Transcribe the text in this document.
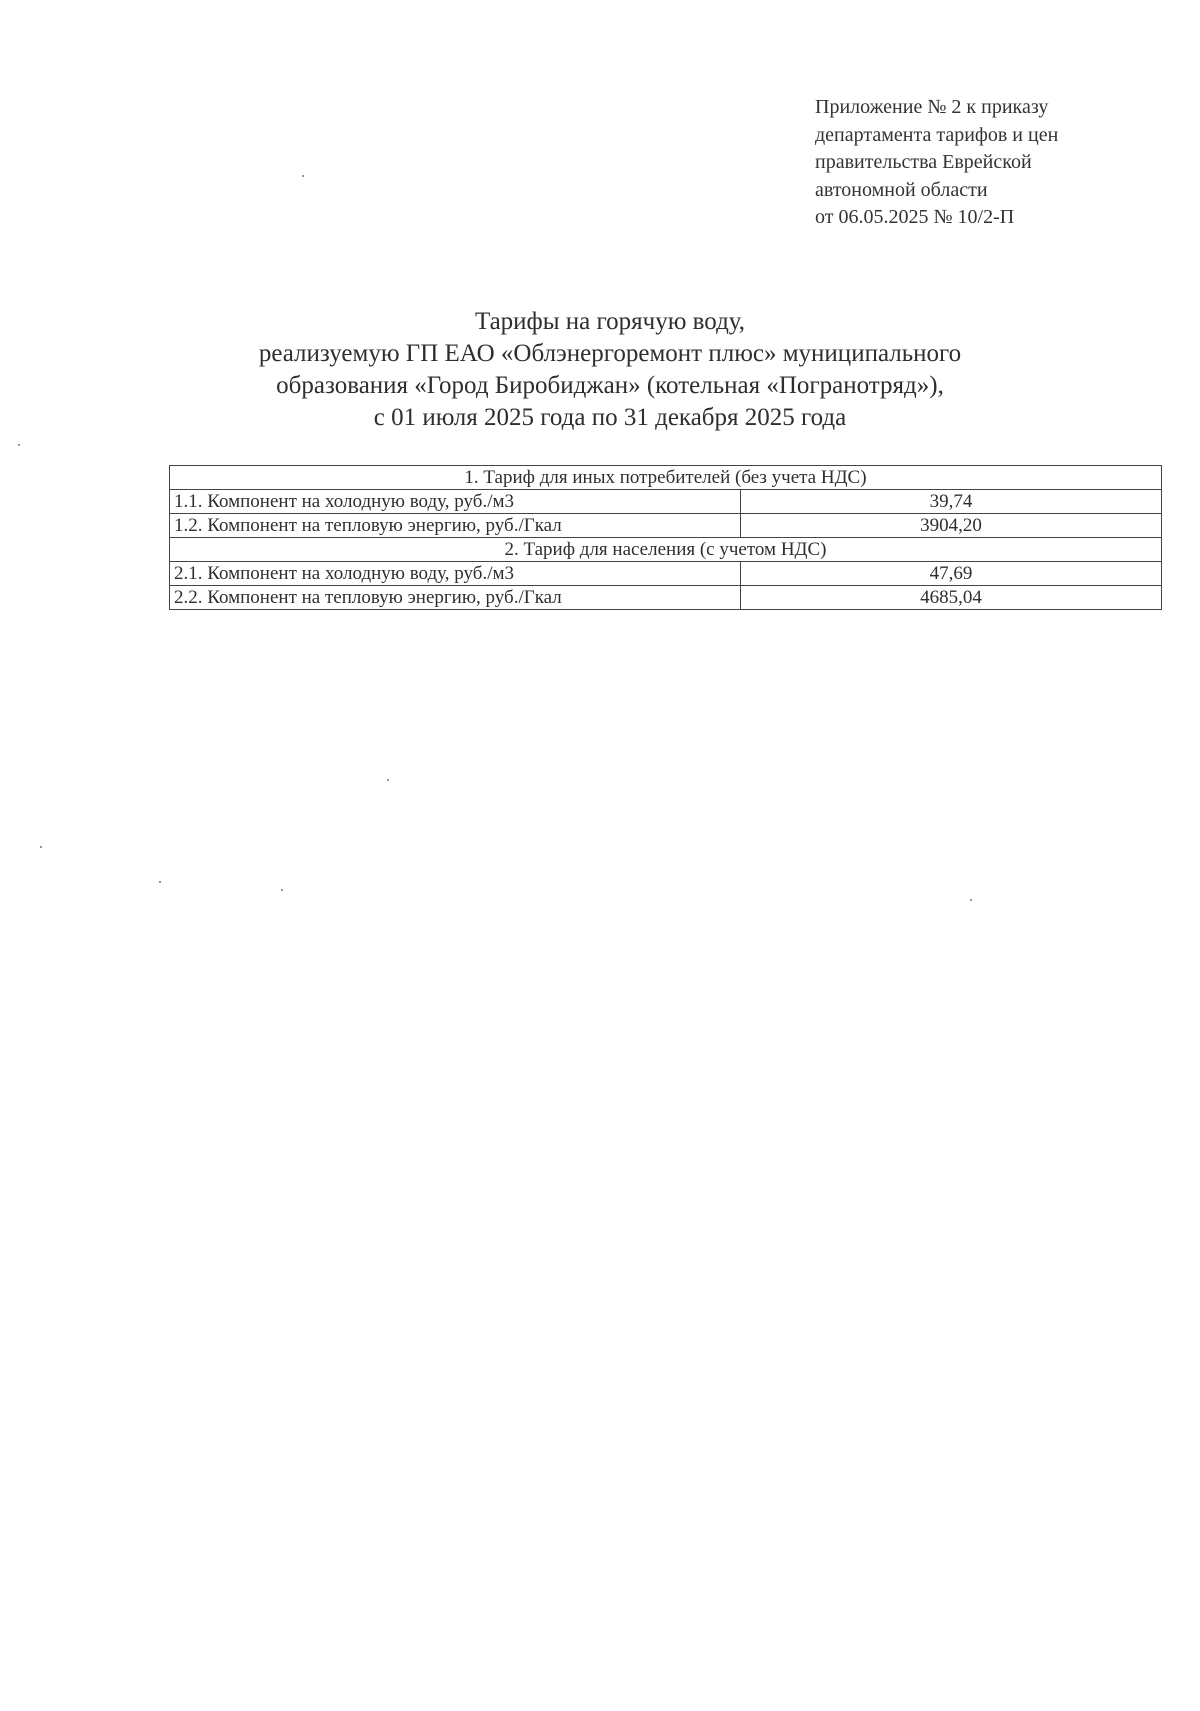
Приложение № 2 к приказу
департамента тарифов и цен
правительства Еврейской
автономной области
от 06.05.2025 № 10/2-П
Тарифы на горячую воду,
реализуемую ГП ЕАО «Облэнергоремонт плюс» муниципального
образования «Город Биробиджан» (котельная «Погранотряд»),
с 01 июля 2025 года по 31 декабря 2025 года
1. Тариф для иных потребителей (без учета НДС)	
1.1. Компонент на холодную воду, руб./м3	39,74
1.2. Компонент на тепловую энергию, руб./Гкал	3904,20
2. Тариф для населения (с учетом НДС)	
2.1. Компонент на холодную воду, руб./м3	47,69
2.2. Компонент на тепловую энергию, руб./Гкал	4685,04
